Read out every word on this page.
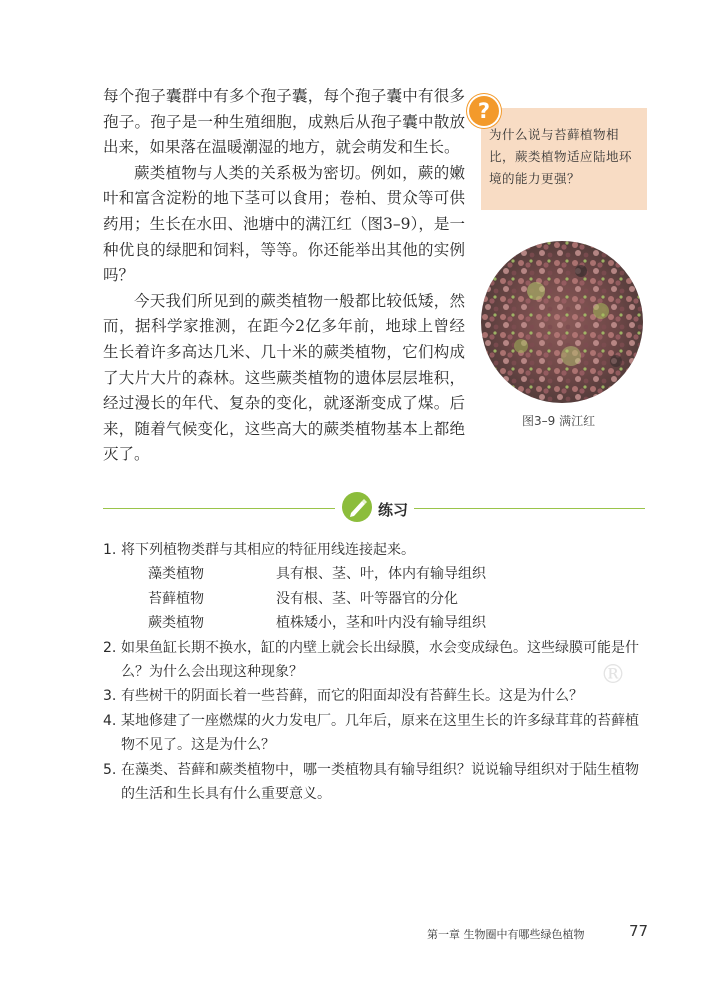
每个孢子囊群中有多个孢子囊，每个孢子囊中有很多孢子。孢子是一种生殖细胞，成熟后从孢子囊中散放出来，如果落在温暖潮湿的地方，就会萌发和生长。

蕨类植物与人类的关系极为密切。例如，蕨的嫩叶和富含淀粉的地下茎可以食用；卷柏、贯众等可供药用；生长在水田、池塘中的满江红（图3–9），是一种优良的绿肥和饲料，等等。你还能举出其他的实例吗？

今天我们所见到的蕨类植物一般都比较低矮，然而，据科学家推测，在距今2亿多年前，地球上曾经生长着许多高达几米、几十米的蕨类植物，它们构成了大片大片的森林。这些蕨类植物的遗体层层堆积，经过漫长的年代、复杂的变化，就逐渐变成了煤。后来，随着气候变化，这些高大的蕨类植物基本上都绝灭了。

?
为什么说与苔藓植物相比，蕨类植物适应陆地环境的能力更强？
图3–9 满江红
练习
1. 将下列植物类群与其相应的特征用线连接起来。
藻类植物	具有根、茎、叶，体内有输导组织
苔藓植物	没有根、茎、叶等器官的分化
蕨类植物	植株矮小，茎和叶内没有输导组织
2. 如果鱼缸长期不换水，缸的内壁上就会长出绿膜，水会变成绿色。这些绿膜可能是什么？为什么会出现这种现象？
3. 有些树干的阴面长着一些苔藓，而它的阳面却没有苔藓生长。这是为什么？
4. 某地修建了一座燃煤的火力发电厂。几年后，原来在这里生长的许多绿茸茸的苔藓植物不见了。这是为什么？
5. 在藻类、苔藓和蕨类植物中，哪一类植物具有输导组织？说说输导组织对于陆生植物的生活和生长具有什么重要意义。
®
第一章 生物圈中有哪些绿色植物	77
